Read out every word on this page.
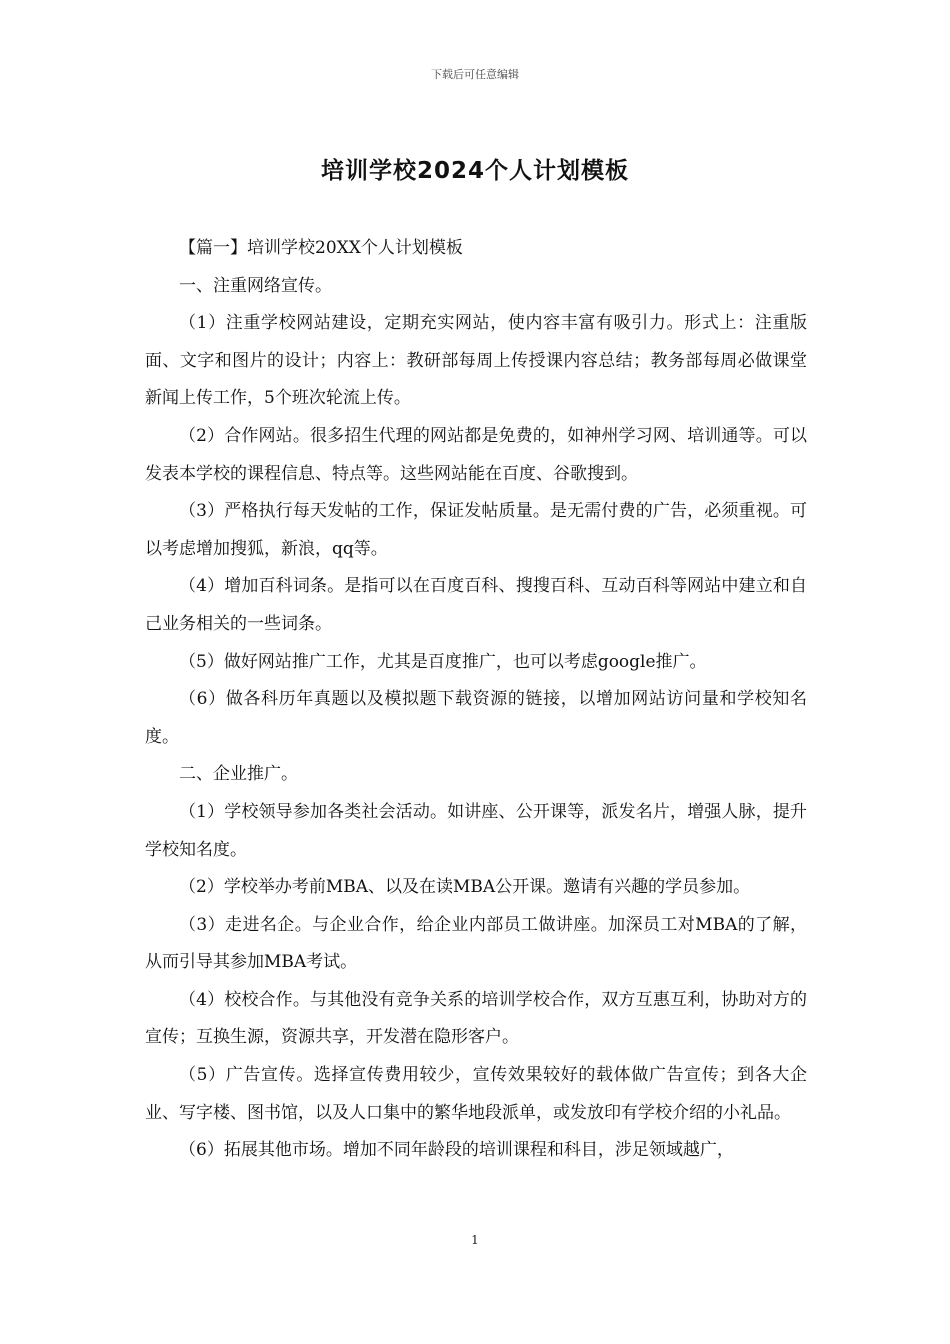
下载后可任意编辑
培训学校2024个人计划模板

【篇一】培训学校20XX个人计划模板

一、注重网络宣传。

（1）注重学校网站建设，定期充实网站，使内容丰富有吸引力。形式上：注重版面、文字和图片的设计；内容上：教研部每周上传授课内容总结；教务部每周必做课堂新闻上传工作，5个班次轮流上传。

（2）合作网站。很多招生代理的网站都是免费的，如神州学习网、培训通等。可以发表本学校的课程信息、特点等。这些网站能在百度、谷歌搜到。

（3）严格执行每天发帖的工作，保证发帖质量。是无需付费的广告，必须重视。可以考虑增加搜狐，新浪，qq等。

（4）增加百科词条。是指可以在百度百科、搜搜百科、互动百科等网站中建立和自己业务相关的一些词条。

（5）做好网站推广工作，尤其是百度推广，也可以考虑google推广。

（6）做各科历年真题以及模拟题下载资源的链接，以增加网站访问量和学校知名度。

二、企业推广。

（1）学校领导参加各类社会活动。如讲座、公开课等，派发名片，增强人脉，提升学校知名度。

（2）学校举办考前MBA、以及在读MBA公开课。邀请有兴趣的学员参加。

（3）走进名企。与企业合作，给企业内部员工做讲座。加深员工对MBA的了解，从而引导其参加MBA考试。

（4）校校合作。与其他没有竞争关系的培训学校合作，双方互惠互利，协助对方的宣传；互换生源，资源共享，开发潜在隐形客户。

（5）广告宣传。选择宣传费用较少，宣传效果较好的载体做广告宣传；到各大企业、写字楼、图书馆，以及人口集中的繁华地段派单，或发放印有学校介绍的小礼品。

（6）拓展其他市场。增加不同年龄段的培训课程和科目，涉足领域越广，

1
